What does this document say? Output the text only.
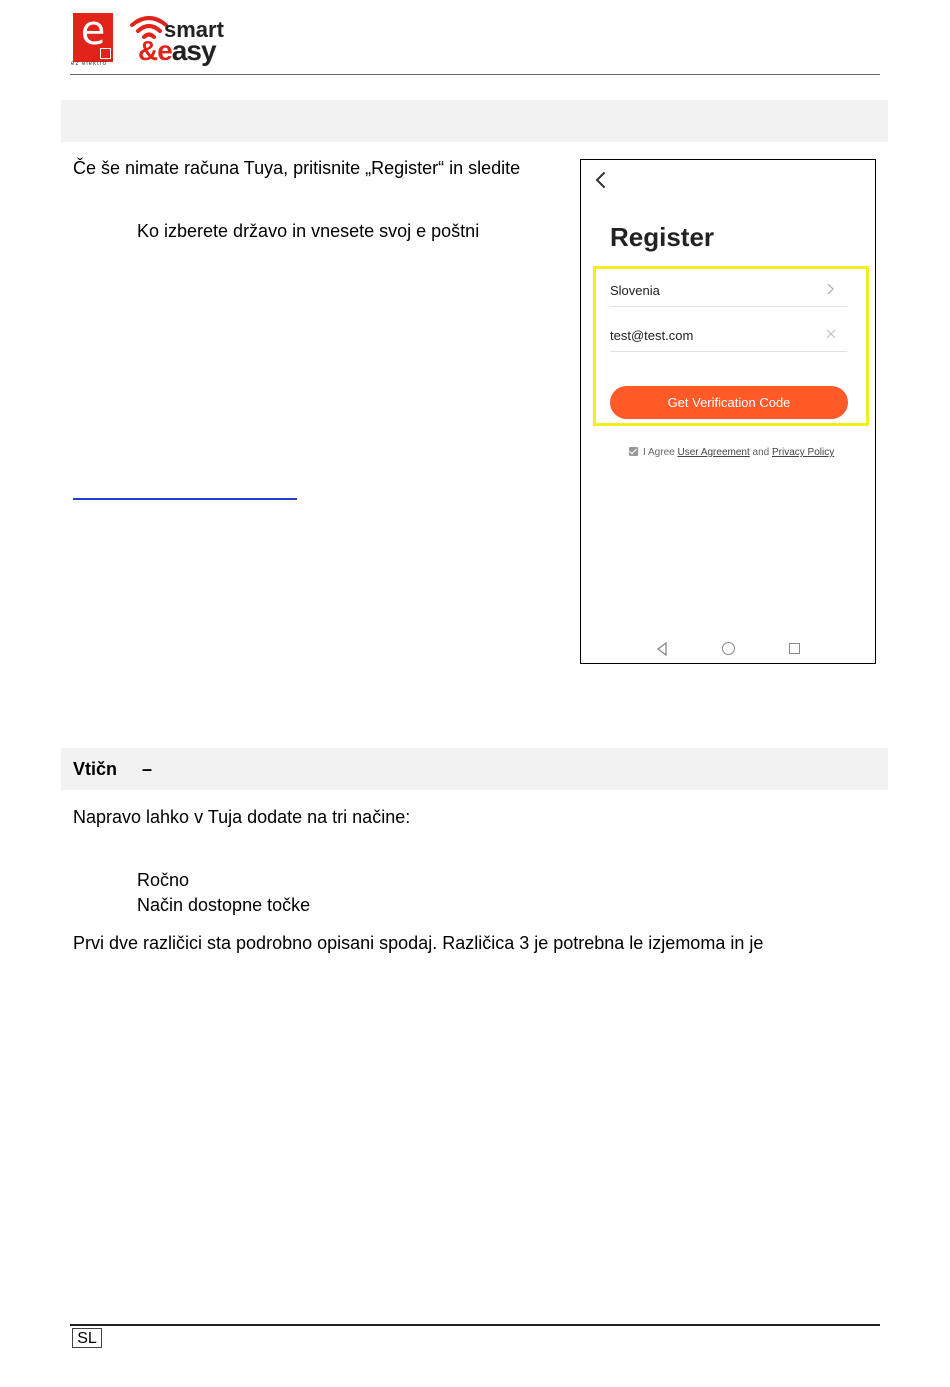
e
ez elektro
smart
&easy
Če še nimate računa Tuya, pritisnite „Register“ in sledite
Ko izberete državo in vnesete svoj e poštni	Register
Slovenia
test@test.com
Get Verification Code
I Agree User Agreement and Privacy Policy
Vtičn     –
Napravo lahko v Tuja dodate na tri načine:
Ročno
Način dostopne točke
Prvi dve različici sta podrobno opisani spodaj. Različica 3 je potrebna le izjemoma in je
SL
